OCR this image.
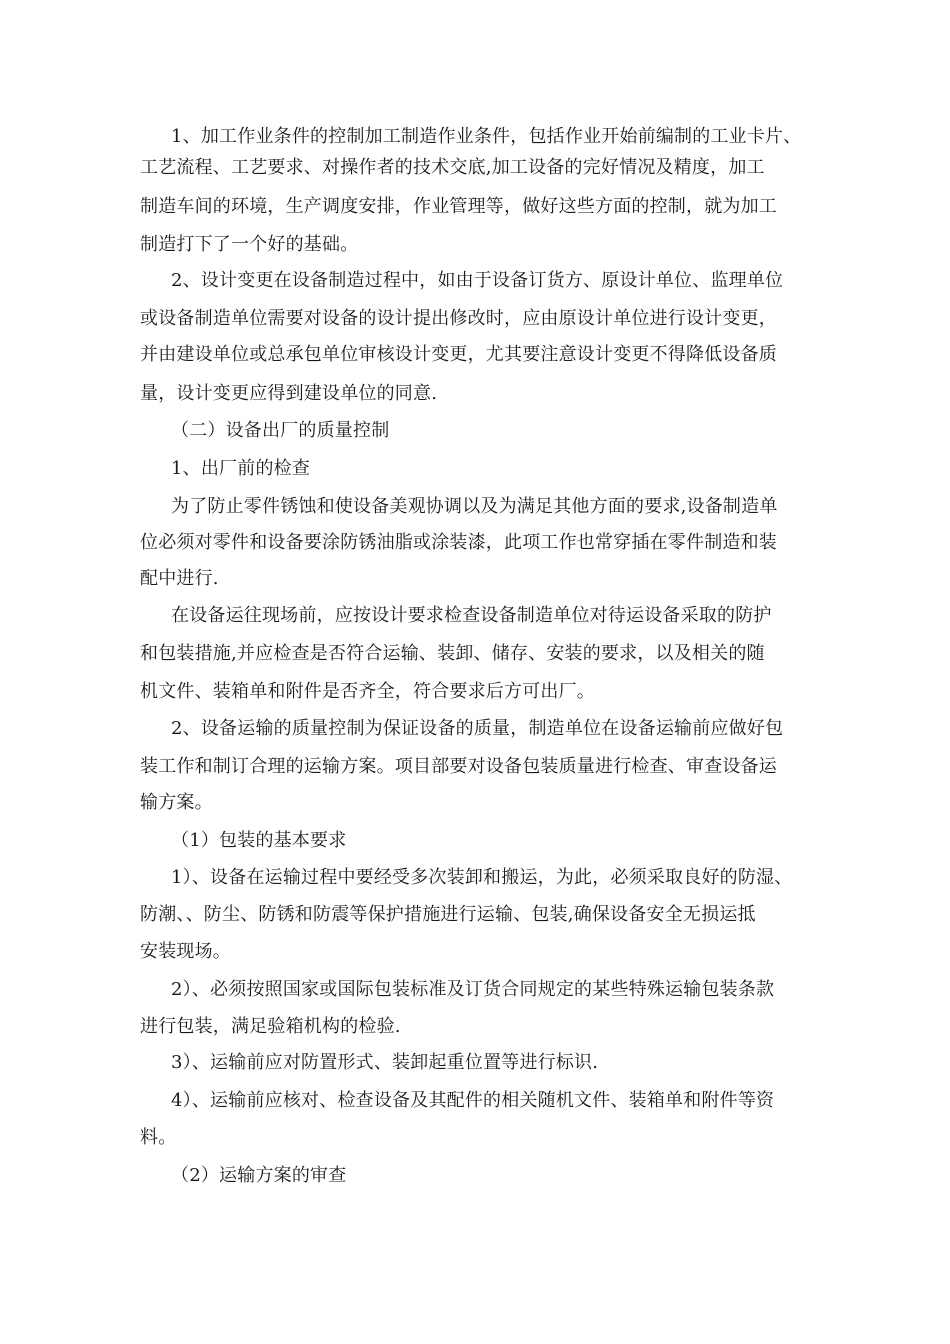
1、加工作业条件的控制加工制造作业条件，包括作业开始前编制的工业卡片、
工艺流程、工艺要求、对操作者的技术交底,加工设备的完好情况及精度，加工
制造车间的环境，生产调度安排，作业管理等，做好这些方面的控制，就为加工
制造打下了一个好的基础。
2、设计变更在设备制造过程中，如由于设备订货方、原设计单位、监理单位
或设备制造单位需要对设备的设计提出修改时，应由原设计单位进行设计变更，
并由建设单位或总承包单位审核设计变更，尤其要注意设计变更不得降低设备质
量，设计变更应得到建设单位的同意.
（二）设备出厂的质量控制
1、出厂前的检查
为了防止零件锈蚀和使设备美观协调以及为满足其他方面的要求,设备制造单
位必须对零件和设备要涂防锈油脂或涂装漆，此项工作也常穿插在零件制造和装
配中进行.
在设备运往现场前，应按设计要求检查设备制造单位对待运设备采取的防护
和包装措施,并应检查是否符合运输、装卸、储存、安装的要求，以及相关的随
机文件、装箱单和附件是否齐全，符合要求后方可出厂。
2、设备运输的质量控制为保证设备的质量，制造单位在设备运输前应做好包
装工作和制订合理的运输方案。项目部要对设备包装质量进行检查、审查设备运
输方案。
（1）包装的基本要求
1）、设备在运输过程中要经受多次装卸和搬运，为此，必须采取良好的防湿、
防潮、、防尘、防锈和防震等保护措施进行运输、包装,确保设备安全无损运抵
安装现场。
2）、必须按照国家或国际包装标准及订货合同规定的某些特殊运输包装条款
进行包装，满足验箱机构的检验.
3）、运输前应对防置形式、装卸起重位置等进行标识.
4）、运输前应核对、检查设备及其配件的相关随机文件、装箱单和附件等资
料。
（2）运输方案的审查
